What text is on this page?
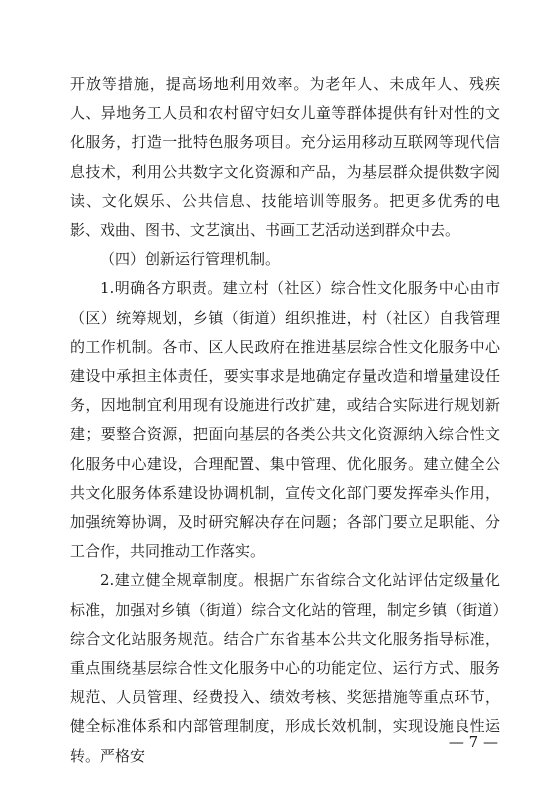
开放等措施，提高场地利用效率。为老年人、未成年人、残疾人、异地务工人员和农村留守妇女儿童等群体提供有针对性的文化服务，打造一批特色服务项目。充分运用移动互联网等现代信息技术，利用公共数字文化资源和产品，为基层群众提供数字阅读、文化娱乐、公共信息、技能培训等服务。把更多优秀的电影、戏曲、图书、文艺演出、书画工艺活动送到群众中去。

（四）创新运行管理机制。

1.明确各方职责。建立村（社区）综合性文化服务中心由市（区）统筹规划，乡镇（街道）组织推进，村（社区）自我管理的工作机制。各市、区人民政府在推进基层综合性文化服务中心建设中承担主体责任，要实事求是地确定存量改造和增量建设任务，因地制宜利用现有设施进行改扩建，或结合实际进行规划新建；要整合资源，把面向基层的各类公共文化资源纳入综合性文化服务中心建设，合理配置、集中管理、优化服务。建立健全公共文化服务体系建设协调机制，宣传文化部门要发挥牵头作用，加强统筹协调，及时研究解决存在问题；各部门要立足职能、分工合作，共同推动工作落实。

2.建立健全规章制度。根据广东省综合文化站评估定级量化标准，加强对乡镇（街道）综合文化站的管理，制定乡镇（街道）综合文化站服务规范。结合广东省基本公共文化服务指导标准，重点围绕基层综合性文化服务中心的功能定位、运行方式、服务规范、人员管理、经费投入、绩效考核、奖惩措施等重点环节，健全标准体系和内部管理制度，形成长效机制，实现设施良性运转。严格安

— 7 —
